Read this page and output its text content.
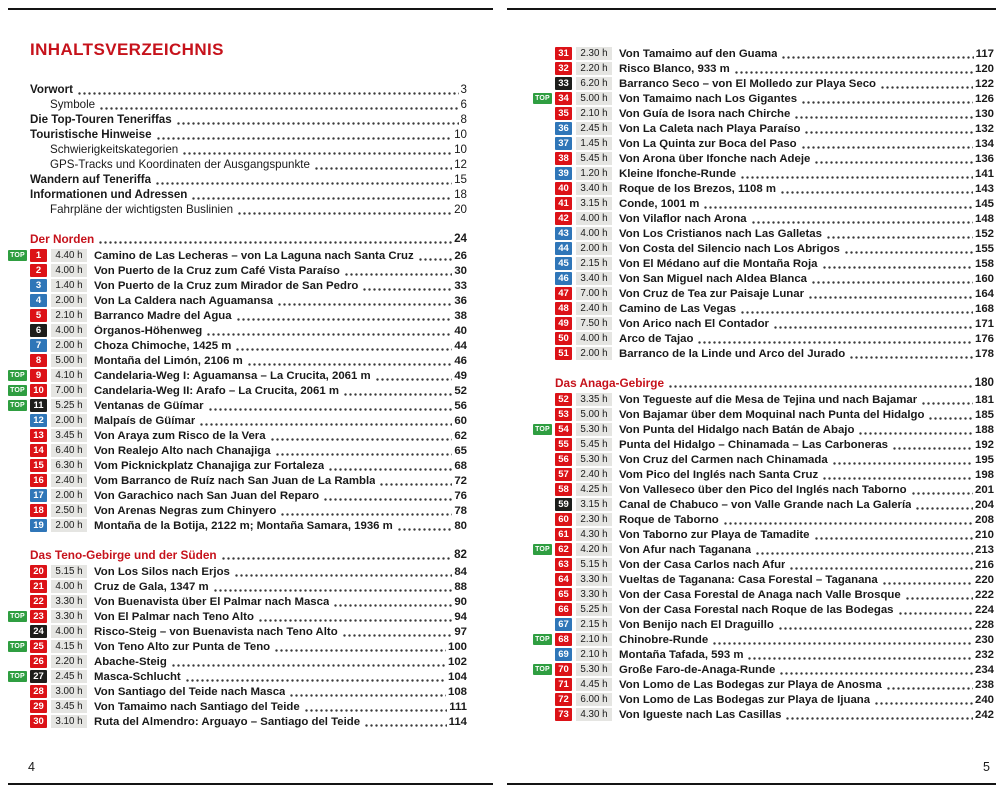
INHALTSVERZEICHNIS
Vorwort	3
Symbole	6
Die Top-Touren Teneriffas	8
Touristische Hinweise	10
Schwierigkeitskategorien	10
GPS-Tracks und Koordinaten der Ausgangspunkte	12
Wandern auf Teneriffa	15
Informationen und Adressen	18
Fahrpläne der wichtigsten Buslinien	20
Der Norden	24
TOP	1	4.40 h Camino de Las Lecheras – von La Laguna nach Santa Cruz	26
2	4.00 h Von Puerto de la Cruz zum Café Vista Paraíso	30
3	1.40 h Von Puerto de la Cruz zum Mirador de San Pedro	33
4	2.00 h Von La Caldera nach Aguamansa	36
5	2.10 h Barranco Madre del Agua	38
6	4.00 h Órganos-Höhenweg	40
7	2.00 h Choza Chimoche, 1425 m	44
8	5.00 h Montaña del Limón, 2106 m	46
TOP	9	4.10 h Candelaria-Weg I: Aguamansa – La Crucita, 2061 m	49
TOP 10	7.00 h Candelaria-Weg II: Arafo – La Crucita, 2061 m	52
TOP 11	5.25 h Ventanas de Güímar	56
12	2.00 h Malpaís de Güímar	60
13	3.45 h Von Araya zum Risco de la Vera	62
14	6.40 h Von Realejo Alto nach Chanajiga	65
15	6.30 h Vom Picknickplatz Chanajiga zur Fortaleza	68
16	2.40 h Vom Barranco de Ruíz nach San Juan de La Rambla	72
17	2.00 h Von Garachico nach San Juan del Reparo	76
18	2.50 h Von Arenas Negras zum Chinyero	78
19	2.00 h Montaña de la Botija, 2122 m; Montaña Samara, 1936 m	80
Das Teno-Gebirge und der Süden	82
20	5.15 h Von Los Silos nach Erjos	84
21	4.00 h Cruz de Gala, 1347 m	88
22	3.30 h Von Buenavista über El Palmar nach Masca	90
TOP 23	3.30 h Von El Palmar nach Teno Alto	94
24	4.00 h Risco-Steig – von Buenavista nach Teno Alto	97
TOP 25	4.15 h Von Teno Alto zur Punta de Teno	100
26	2.20 h Abache-Steig	102
TOP 27	2.45 h Masca-Schlucht	104
28	3.00 h Von Santiago del Teide nach Masca	108
29	3.45 h Von Tamaimo nach Santiago del Teide	111
30	3.10 h Ruta del Almendro: Arguayo – Santiago del Teide	114
4
31	2.30 h Von Tamaimo auf den Guama	117
32	2.20 h Risco Blanco, 933 m	120
33	6.20 h Barranco Seco – von El Molledo zur Playa Seco	122
TOP 34	5.00 h Von Tamaimo nach Los Gigantes	126
35	2.10 h Von Guía de Isora nach Chirche	130
36	2.45 h Von La Caleta nach Playa Paraíso	132
37	1.45 h Von La Quinta zur Boca del Paso	134
38	5.45 h Von Arona über Ifonche nach Adeje	136
39	1.20 h Kleine Ifonche-Runde	141
40	3.40 h Roque de los Brezos, 1108 m	143
41	3.15 h Conde, 1001 m	145
42	4.00 h Von Vilaflor nach Arona	148
43	4.00 h Von Los Cristianos nach Las Galletas	152
44	2.00 h Von Costa del Silencio nach Los Abrigos	155
45	2.15 h Von El Médano auf die Montaña Roja	158
46	3.40 h Von San Miguel nach Aldea Blanca	160
47	7.00 h Von Cruz de Tea zur Paisaje Lunar	164
48	2.40 h Camino de Las Vegas	168
49	7.50 h Von Arico nach El Contador	171
50	4.00 h Arco de Tajao	176
51	2.00 h Barranco de la Linde und Arco del Jurado	178
Das Anaga-Gebirge	180
52	3.35 h Von Tegueste auf die Mesa de Tejina und nach Bajamar	181
53	5.00 h Von Bajamar über dem Moquinal nach Punta del Hidalgo	185
TOP 54	5.30 h Von Punta del Hidalgo nach Batán de Abajo	188
55	5.45 h Punta del Hidalgo – Chinamada – Las Carboneras	192
56	5.30 h Von Cruz del Carmen nach Chinamada	195
57	2.40 h Vom Pico del Inglés nach Santa Cruz	198
58	4.25 h Von Valleseco über den Pico del Inglés nach Taborno	201
59	3.15 h Canal de Chabuco – von Valle Grande nach La Galería	204
60	2.30 h Roque de Taborno	208
61	4.30 h Von Taborno zur Playa de Tamadite	210
TOP 62	4.20 h Von Afur nach Taganana	213
63	5.15 h Von der Casa Carlos nach Afur	216
64	3.30 h Vueltas de Taganana: Casa Forestal – Taganana	220
65	3.30 h Von der Casa Forestal de Anaga nach Valle Brosque	222
66	5.25 h Von der Casa Forestal nach Roque de las Bodegas	224
67	2.15 h Von Benijo nach El Draguillo	228
TOP 68	2.10 h Chinobre-Runde	230
69	2.10 h Montaña Tafada, 593 m	232
TOP 70	5.30 h Große Faro-de-Anaga-Runde	234
71	4.45 h Von Lomo de Las Bodegas zur Playa de Anosma	238
72	6.00 h Von Lomo de Las Bodegas zur Playa de Ijuana	240
73	4.30 h Von Igueste nach Las Casillas	242
5
